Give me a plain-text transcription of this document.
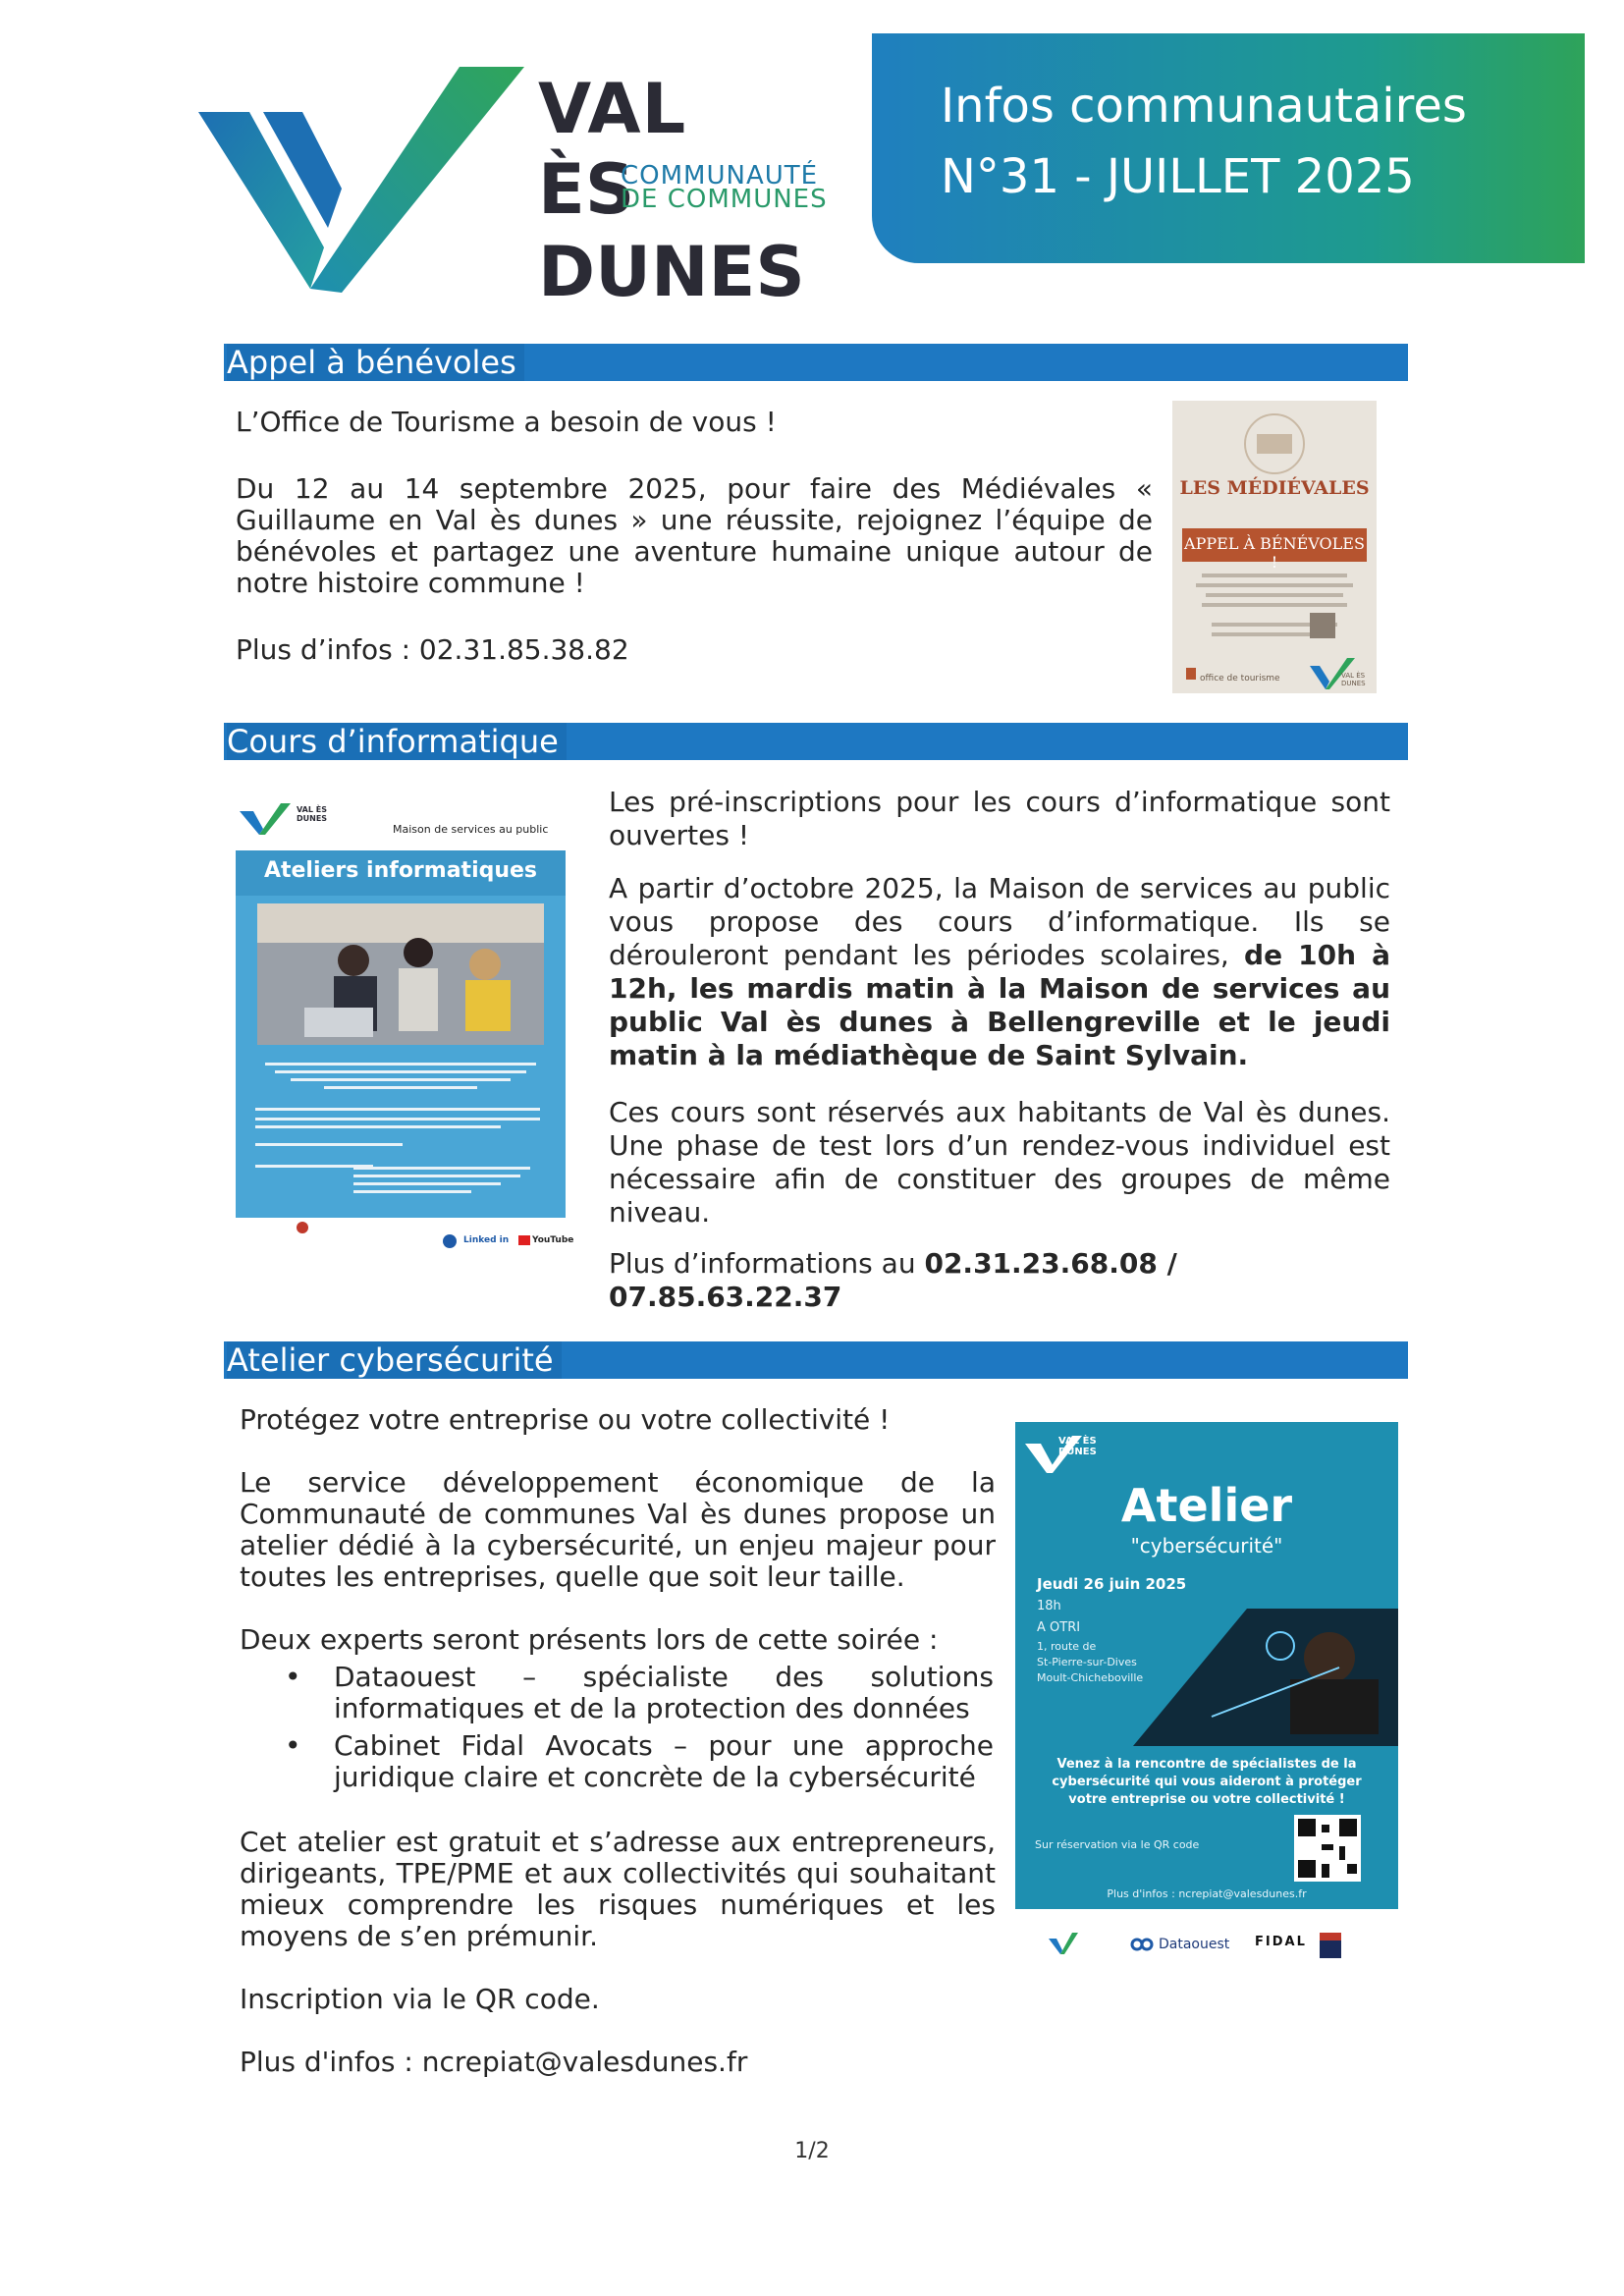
VAL
ÈS
COMMUNAUTÉ
DE COMMUNES
DUNES
Infos communautaires
N°31 - JUILLET 2025
Appel à bénévoles
L’Office de Tourisme a besoin de vous !
Du 12 au 14 septembre 2025, pour faire des Médiévales « Guillaume en Val ès dunes » une réussite, rejoignez l’équipe de bénévoles et partagez une aventure humaine unique autour de notre histoire commune !
Plus d’infos : 02.31.85.38.82
LES MÉDIÉVALES
APPEL À BÉNÉVOLES !
office de tourisme	VAL ÈS DUNES
Cours d’informatique
VAL ÈS DUNES
Maison de services au public
Ateliers informatiques
Linked in	YouTube
Les pré-inscriptions pour les cours d’informatique sont ouvertes !
A partir d’octobre 2025, la Maison de services au public vous propose des cours d’informatique. Ils se dérouleront pendant les périodes scolaires, de 10h à 12h, les mardis matin à la Maison de services au public Val ès dunes à Bellengreville et le jeudi matin à la médiathèque de Saint Sylvain.
Ces cours sont réservés aux habitants de Val ès dunes. Une phase de test lors d’un rendez-vous individuel est nécessaire afin de constituer des groupes de même niveau.
Plus d’informations au 02.31.23.68.08 / 07.85.63.22.37
Atelier cybersécurité
Protégez votre entreprise ou votre collectivité !
Le service développement économique de la Communauté de communes Val ès dunes propose un atelier dédié à la cybersécurité, un enjeu majeur pour toutes les entreprises, quelle que soit leur taille.
Deux experts seront présents lors de cette soirée :
• Dataouest – spécialiste des solutions informatiques et de la protection des données
• Cabinet Fidal Avocats – pour une approche juridique claire et concrète de la cybersécurité
Cet atelier est gratuit et s’adresse aux entrepreneurs, dirigeants, TPE/PME et aux collectivités qui souhaitant mieux comprendre les risques numériques et les moyens de s’en prémunir.
Inscription via le QR code.
Plus d'infos : ncrepiat@valesdunes.fr
VAL ÈS DUNES
Atelier
"cybersécurité"
Jeudi 26 juin 2025
18h
A OTRI
1, route de
St-Pierre-sur-Dives
Moult-Chicheboville
Venez à la rencontre de spécialistes de la cybersécurité qui vous aideront à protéger votre entreprise ou votre collectivité !
Sur réservation via le QR code
Plus d'infos : ncrepiat@valesdunes.fr
Dataouest FIDAL
1/2
